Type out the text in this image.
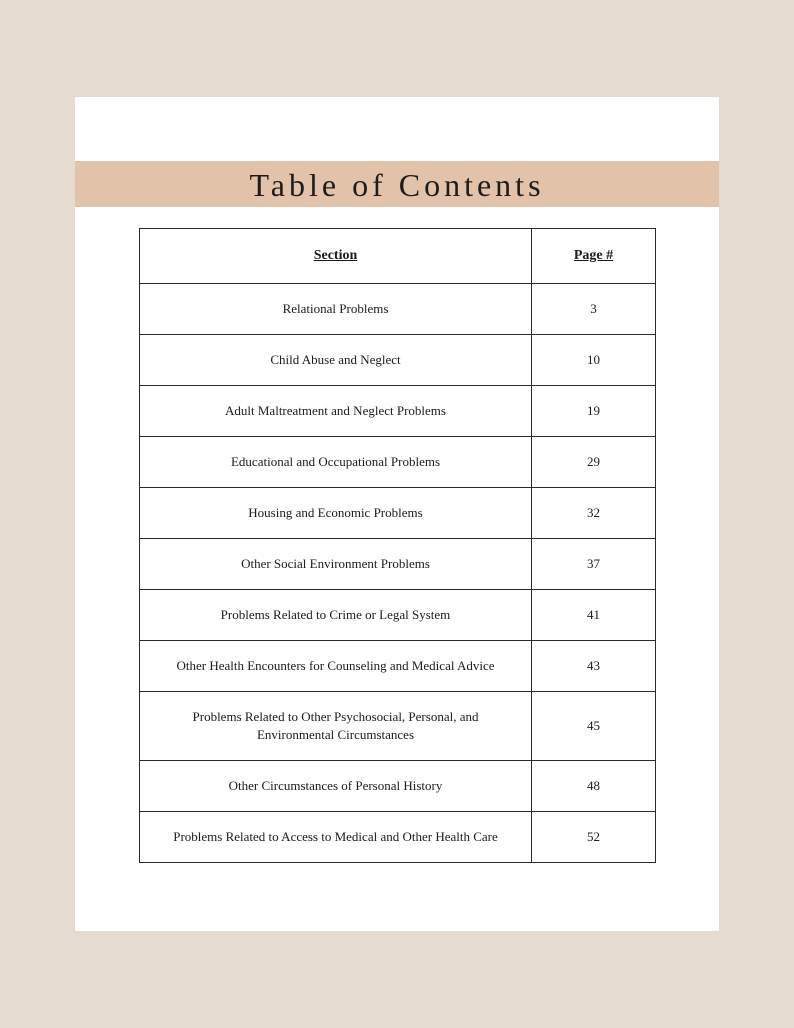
Table of Contents
Section	Page #
Relational Problems	3
Child Abuse and Neglect	10
Adult Maltreatment and Neglect Problems	19
Educational and Occupational Problems	29
Housing and Economic Problems	32
Other Social Environment Problems	37
Problems Related to Crime or Legal System	41
Other Health Encounters for Counseling and Medical Advice	43
Problems Related to Other Psychosocial, Personal, and Environmental Circumstances	45
Other Circumstances of Personal History	48
Problems Related to Access to Medical and Other Health Care	52
